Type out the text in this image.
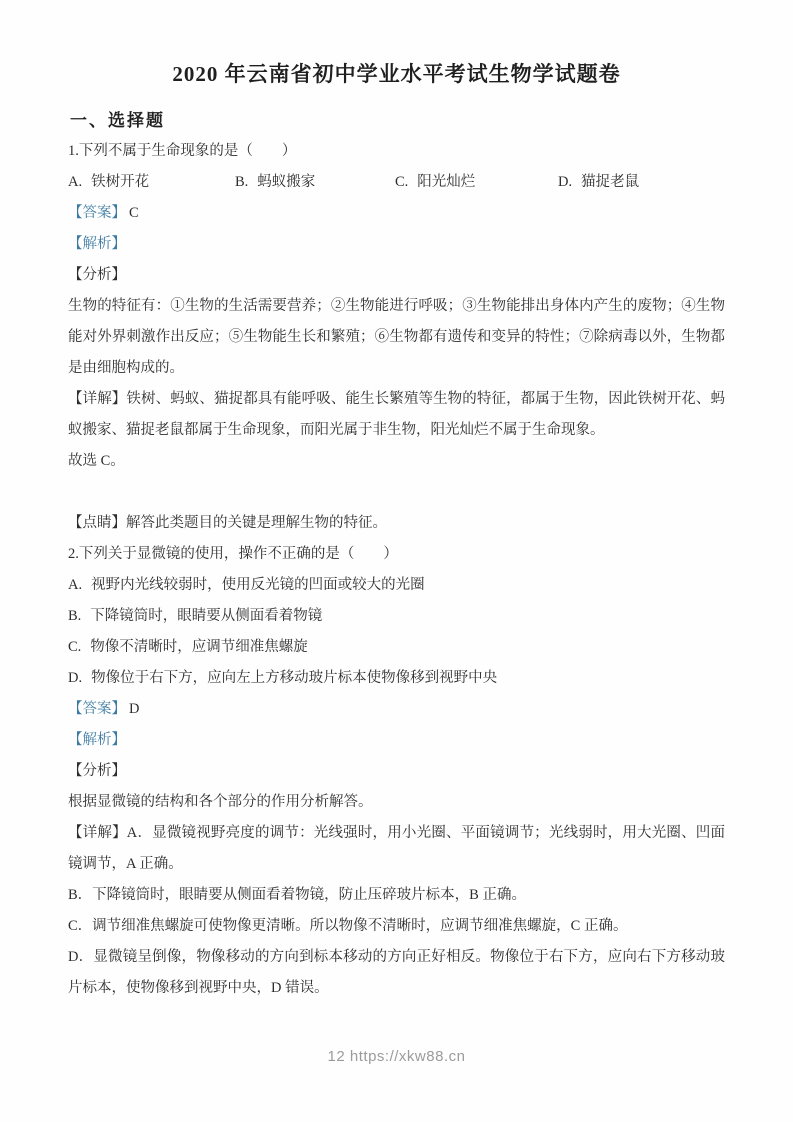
2020 年云南省初中学业水平考试生物学试题卷
一、选择题

1.下列不属于生命现象的是（　　）

A. 铁树开花	B. 蚂蚁搬家	C. 阳光灿烂	D. 猫捉老鼠

【答案】 C

【解析】

【分析】

生物的特征有：①生物的生活需要营养；②生物能进行呼吸；③生物能排出身体内产生的废物；④生物能对外界刺激作出反应；⑤生物能生长和繁殖；⑥生物都有遗传和变异的特性；⑦除病毒以外，生物都是由细胞构成的。

【详解】铁树、蚂蚁、猫捉都具有能呼吸、能生长繁殖等生物的特征，都属于生物，因此铁树开花、蚂蚁搬家、猫捉老鼠都属于生命现象，而阳光属于非生物，阳光灿烂不属于生命现象。

故选 C。

【点睛】解答此类题目的关键是理解生物的特征。

2.下列关于显微镜的使用，操作不正确的是（　　）

A. 视野内光线较弱时，使用反光镜的凹面或较大的光圈

B. 下降镜筒时，眼睛要从侧面看着物镜

C. 物像不清晰时，应调节细准焦螺旋

D. 物像位于右下方，应向左上方移动玻片标本使物像移到视野中央

【答案】 D

【解析】

【分析】

根据显微镜的结构和各个部分的作用分析解答。

【详解】A．显微镜视野亮度的调节：光线强时，用小光圈、平面镜调节；光线弱时，用大光圈、凹面镜调节，A 正确。

B．下降镜筒时，眼睛要从侧面看着物镜，防止压碎玻片标本，B 正确。

C．调节细准焦螺旋可使物像更清晰。所以物像不清晰时，应调节细准焦螺旋，C 正确。

D．显微镜呈倒像，物像移动的方向到标本移动的方向正好相反。物像位于右下方，应向右下方移动玻片标本，使物像移到视野中央，D 错误。

12 https://xkw88.cn
